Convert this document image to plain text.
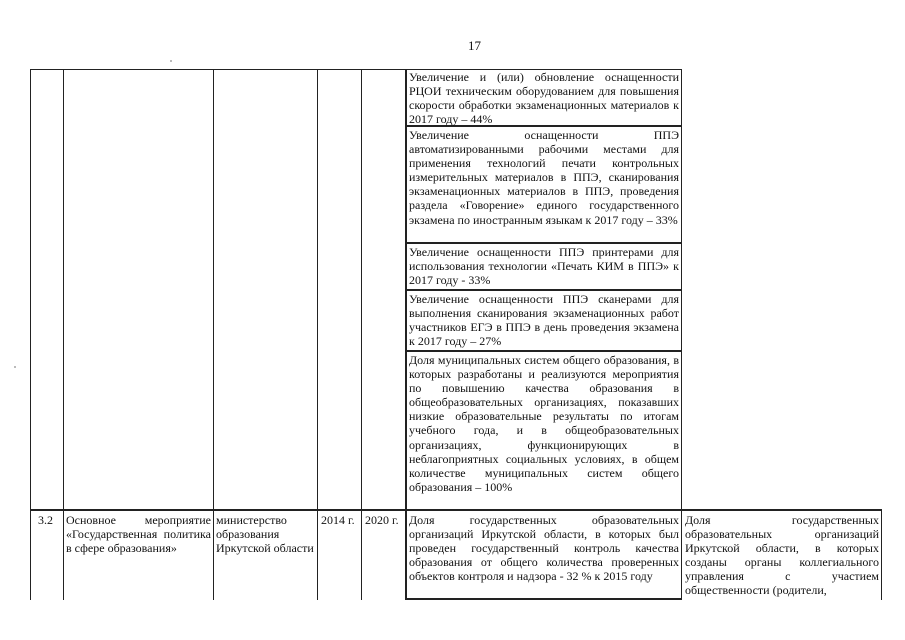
17
Увеличение и (или) обновление оснащенности РЦОИ техническим оборудованием для повышения скорости обработки экзаменационных материалов к 2017 году – 44%
Увеличение оснащенности ППЭ автоматизированными рабочими местами для применения технологий печати контрольных измерительных материалов в ППЭ, сканирования экзаменационных материалов в ППЭ, проведения раздела «Говорение» единого государственного экзамена по иностранным языкам к 2017 году – 33%
Увеличение оснащенности ППЭ принтерами для использования технологии «Печать КИМ в ППЭ» к 2017 году - 33%
Увеличение оснащенности ППЭ сканерами для выполнения сканирования экзаменационных работ участников ЕГЭ в ППЭ в день проведения экзамена к 2017 году – 27%
Доля муниципальных систем общего образования, в которых разработаны и реализуются мероприятия по повышению качества образования в общеобразовательных организациях, показавших низкие образовательные результаты по итогам учебного года, и в общеобразовательных организациях, функционирующих в неблагоприятных социальных условиях, в общем количестве муниципальных систем общего образования – 100%
3.2	Основное мероприятие «Государственная политика в сфере образования»
министерство образования Иркутской области
2014 г. 2020 г. Доля государственных образовательных организаций Иркутской области, в которых был проведен государственный контроль качества образования от общего количества проверенных объектов контроля и надзора - 32 % к 2015 году
Доля государственных образовательных организаций Иркутской области, в которых созданы органы коллегиального управления с участием общественности (родители,
